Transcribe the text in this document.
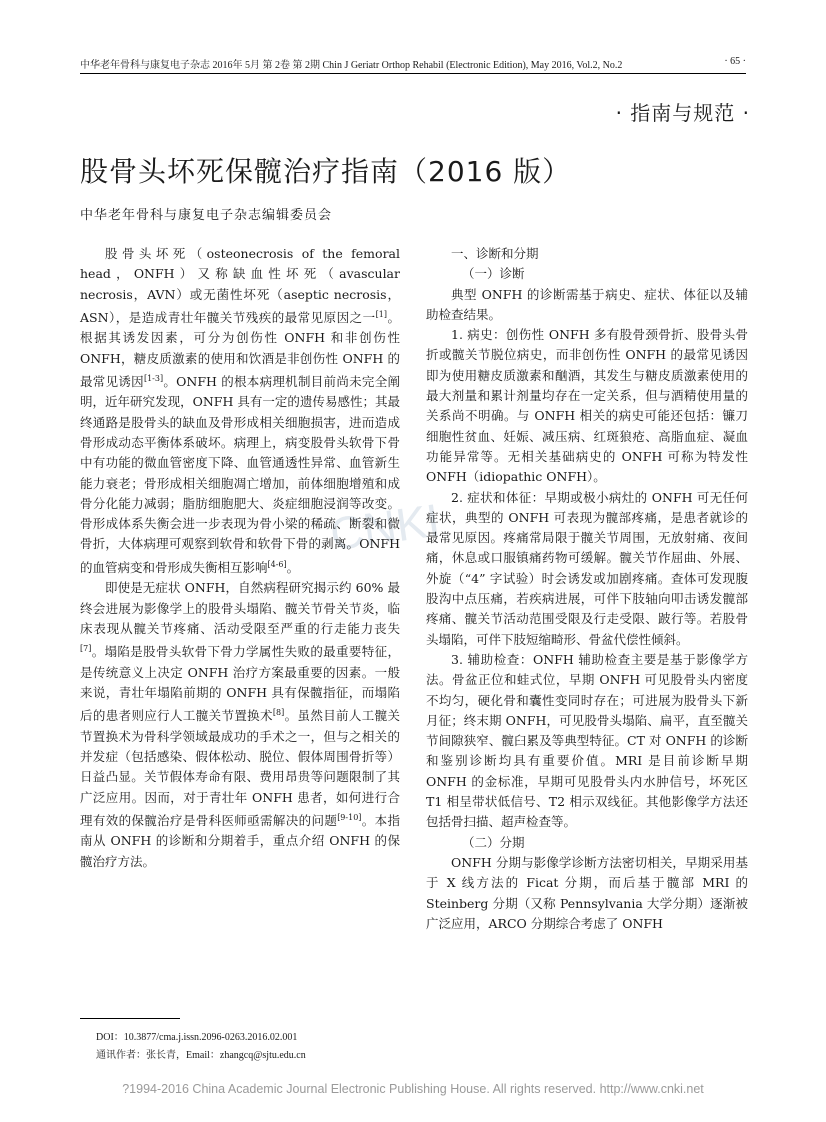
中华老年骨科与康复电子杂志 2016年 5月 第 2卷 第 2期 Chin J Geriatr Orthop Rehabil (Electronic Edition), May 2016, Vol.2, No.2	· 65 ·
· 指南与规范 ·
股骨头坏死保髋治疗指南（2016 版）
中华老年骨科与康复电子杂志编辑委员会
CNKI

股骨头坏死（osteonecrosis of the femoral head，ONFH）又称缺血性坏死（avascular necrosis，AVN）或无菌性坏死（aseptic necrosis，ASN），是造成青壮年髋关节残疾的最常见原因之一[1]。根据其诱发因素，可分为创伤性 ONFH 和非创伤性 ONFH，糖皮质激素的使用和饮酒是非创伤性 ONFH 的最常见诱因[1-3]。ONFH 的根本病理机制目前尚未完全阐明，近年研究发现，ONFH 具有一定的遗传易感性；其最终通路是股骨头的缺血及骨形成相关细胞损害，进而造成骨形成动态平衡体系破坏。病理上，病变股骨头软骨下骨中有功能的微血管密度下降、血管通透性异常、血管新生能力衰老；骨形成相关细胞凋亡增加，前体细胞增殖和成骨分化能力减弱；脂肪细胞肥大、炎症细胞浸润等改变。骨形成体系失衡会进一步表现为骨小梁的稀疏、断裂和微骨折，大体病理可观察到软骨和软骨下骨的剥离。ONFH 的血管病变和骨形成失衡相互影响[4-6]。

即使是无症状 ONFH，自然病程研究揭示约 60% 最终会进展为影像学上的股骨头塌陷、髋关节骨关节炎，临床表现从髋关节疼痛、活动受限至严重的行走能力丧失[7]。塌陷是股骨头软骨下骨力学属性失败的最重要特征，是传统意义上决定 ONFH 治疗方案最重要的因素。一般来说，青壮年塌陷前期的 ONFH 具有保髋指征，而塌陷后的患者则应行人工髋关节置换术[8]。虽然目前人工髋关节置换术为骨科学领域最成功的手术之一，但与之相关的并发症（包括感染、假体松动、脱位、假体周围骨折等）日益凸显。关节假体寿命有限、费用昂贵等问题限制了其广泛应用。因而，对于青壮年 ONFH 患者，如何进行合理有效的保髋治疗是骨科医师亟需解决的问题[9-10]。本指南从 ONFH 的诊断和分期着手，重点介绍 ONFH 的保髋治疗方法。

一、诊断和分期

（一）诊断

典型 ONFH 的诊断需基于病史、症状、体征以及辅助检查结果。

1. 病史：创伤性 ONFH 多有股骨颈骨折、股骨头骨折或髋关节脱位病史，而非创伤性 ONFH 的最常见诱因即为使用糖皮质激素和酗酒，其发生与糖皮质激素使用的最大剂量和累计剂量均存在一定关系，但与酒精使用量的关系尚不明确。与 ONFH 相关的病史可能还包括：镰刀细胞性贫血、妊娠、减压病、红斑狼疮、高脂血症、凝血功能异常等。无相关基础病史的 ONFH 可称为特发性 ONFH（idiopathic ONFH）。

2. 症状和体征：早期或极小病灶的 ONFH 可无任何症状，典型的 ONFH 可表现为髋部疼痛，是患者就诊的最常见原因。疼痛常局限于髋关节周围，无放射痛、夜间痛，休息或口服镇痛药物可缓解。髋关节作屈曲、外展、外旋（“4” 字试验）时会诱发或加剧疼痛。查体可发现腹股沟中点压痛，若疾病进展，可伴下肢轴向叩击诱发髋部疼痛、髋关节活动范围受限及行走受限、跛行等。若股骨头塌陷，可伴下肢短缩畸形、骨盆代偿性倾斜。

3. 辅助检查：ONFH 辅助检查主要是基于影像学方法。骨盆正位和蛙式位，早期 ONFH 可见股骨头内密度不均匀，硬化骨和囊性变同时存在；可进展为股骨头下新月征；终末期 ONFH，可见股骨头塌陷、扁平，直至髋关节间隙狭窄、髋臼累及等典型特征。CT 对 ONFH 的诊断和鉴别诊断均具有重要价值。MRI 是目前诊断早期 ONFH 的金标准，早期可见股骨头内水肿信号，坏死区 T1 相呈带状低信号、T2 相示双线征。其他影像学方法还包括骨扫描、超声检查等。

（二）分期

ONFH 分期与影像学诊断方法密切相关，早期采用基于 X 线方法的 Ficat 分期，而后基于髋部 MRI 的 Steinberg 分期（又称 Pennsylvania 大学分期）逐渐被广泛应用，ARCO 分期综合考虑了 ONFH

DOI：10.3877/cma.j.issn.2096-0263.2016.02.001
通讯作者：张长青，Email：zhangcq@sjtu.edu.cn
?1994-2016 China Academic Journal Electronic Publishing House. All rights reserved. http://www.cnki.net
